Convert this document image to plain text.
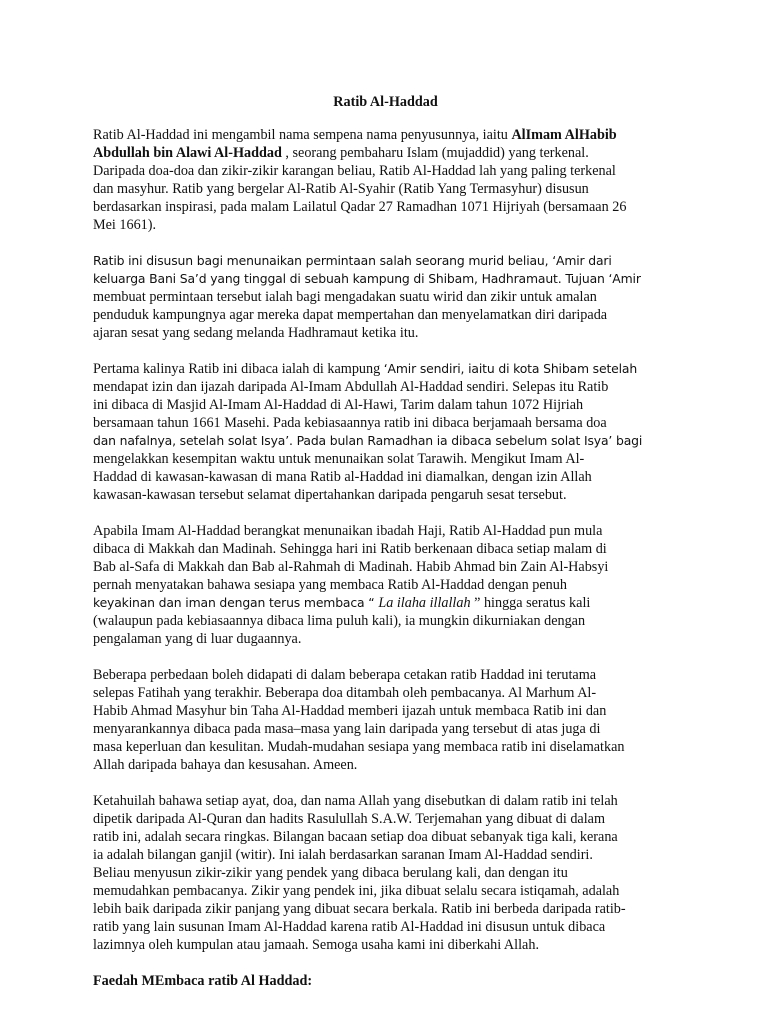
Ratib Al-Haddad
Ratib Al-Haddad ini mengambil nama sempena nama penyusunnya, iaitu AlImam AlHabib
Abdullah bin Alawi Al-Haddad , seorang pembaharu Islam (mujaddid) yang terkenal.
Daripada doa-doa dan zikir-zikir karangan beliau, Ratib Al-Haddad lah yang paling terkenal
dan masyhur. Ratib yang bergelar Al-Ratib Al-Syahir (Ratib Yang Termasyhur) disusun
berdasarkan inspirasi, pada malam Lailatul Qadar 27 Ramadhan 1071 Hijriyah (bersamaan 26
Mei 1661).
Ratib ini disusun bagi menunaikan permintaan salah seorang murid beliau, ‘Amir dari
keluarga Bani Sa’d yang tinggal di sebuah kampung di Shibam, Hadhramaut. Tujuan ‘Amir
membuat permintaan tersebut ialah bagi mengadakan suatu wirid dan zikir untuk amalan
penduduk kampungnya agar mereka dapat mempertahan dan menyelamatkan diri daripada
ajaran sesat yang sedang melanda Hadhramaut ketika itu.
Pertama kalinya Ratib ini dibaca ialah di kampung ‘Amir sendiri, iaitu di kota Shibam setelah
mendapat izin dan ijazah daripada Al-Imam Abdullah Al-Haddad sendiri. Selepas itu Ratib
ini dibaca di Masjid Al-Imam Al-Haddad di Al-Hawi, Tarim dalam tahun 1072 Hijriah
bersamaan tahun 1661 Masehi. Pada kebiasaannya ratib ini dibaca berjamaah bersama doa
dan nafalnya, setelah solat Isya’. Pada bulan Ramadhan ia dibaca sebelum solat Isya’ bagi
mengelakkan kesempitan waktu untuk menunaikan solat Tarawih. Mengikut Imam Al-
Haddad di kawasan-kawasan di mana Ratib al-Haddad ini diamalkan, dengan izin Allah
kawasan-kawasan tersebut selamat dipertahankan daripada pengaruh sesat tersebut.
Apabila Imam Al-Haddad berangkat menunaikan ibadah Haji, Ratib Al-Haddad pun mula
dibaca di Makkah dan Madinah. Sehingga hari ini Ratib berkenaan dibaca setiap malam di
Bab al-Safa di Makkah dan Bab al-Rahmah di Madinah. Habib Ahmad bin Zain Al-Habsyi
pernah menyatakan bahawa sesiapa yang membaca Ratib Al-Haddad dengan penuh
keyakinan dan iman dengan terus membaca “ La ilaha illallah ” hingga seratus kali
(walaupun pada kebiasaannya dibaca lima puluh kali), ia mungkin dikurniakan dengan
pengalaman yang di luar dugaannya.
Beberapa perbedaan boleh didapati di dalam beberapa cetakan ratib Haddad ini terutama
selepas Fatihah yang terakhir. Beberapa doa ditambah oleh pembacanya. Al Marhum Al-
Habib Ahmad Masyhur bin Taha Al-Haddad memberi ijazah untuk membaca Ratib ini dan
menyarankannya dibaca pada masa–masa yang lain daripada yang tersebut di atas juga di
masa keperluan dan kesulitan. Mudah-mudahan sesiapa yang membaca ratib ini diselamatkan
Allah daripada bahaya dan kesusahan. Ameen.
Ketahuilah bahawa setiap ayat, doa, dan nama Allah yang disebutkan di dalam ratib ini telah
dipetik daripada Al-Quran dan hadits Rasulullah S.A.W. Terjemahan yang dibuat di dalam
ratib ini, adalah secara ringkas. Bilangan bacaan setiap doa dibuat sebanyak tiga kali, kerana
ia adalah bilangan ganjil (witir). Ini ialah berdasarkan saranan Imam Al-Haddad sendiri.
Beliau menyusun zikir-zikir yang pendek yang dibaca berulang kali, dan dengan itu
memudahkan pembacanya. Zikir yang pendek ini, jika dibuat selalu secara istiqamah, adalah
lebih baik daripada zikir panjang yang dibuat secara berkala. Ratib ini berbeda daripada ratib-
ratib yang lain susunan Imam Al-Haddad karena ratib Al-Haddad ini disusun untuk dibaca
lazimnya oleh kumpulan atau jamaah. Semoga usaha kami ini diberkahi Allah.
Faedah MEmbaca ratib Al Haddad:
